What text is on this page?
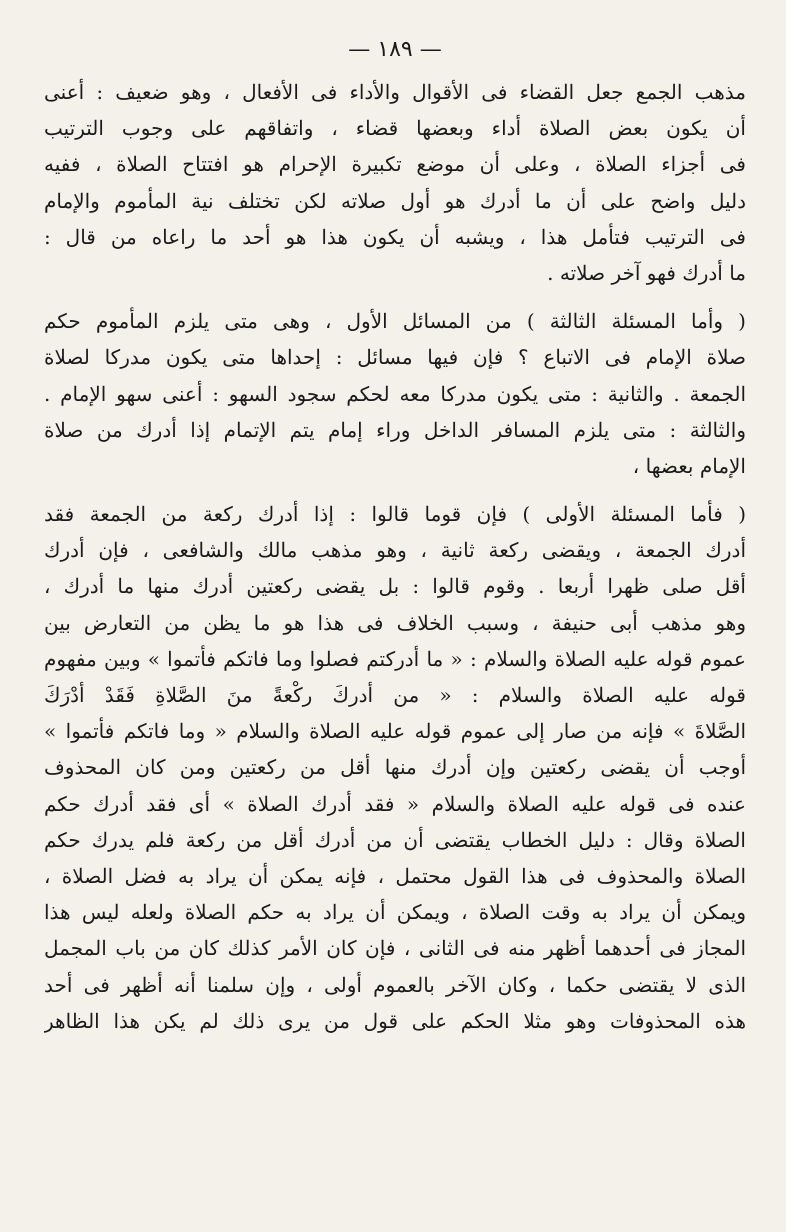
— ١٨٩ —
مذهب الجمع جعل القضاء فى الأقوال والأداء فى الأفعال ، وهو ضعيف : أعنى
أن يكون بعض الصلاة أداء وبعضها قضاء ، واتفاقهم على وجوب الترتيب
فى أجزاء الصلاة ، وعلى أن موضع تكبيرة الإحرام هو افتتاح الصلاة ، ففيه
دليل واضح على أن ما أدرك هو أول صلاته لكن تختلف نية المأموم والإمام
فى الترتيب فتأمل هذا ، ويشبه أن يكون هذا هو أحد ما راعاه من قال :
ما أدرك فهو آخر صلاته .
( وأما المسئلة الثالثة ) من المسائل الأول ، وهى متى يلزم المأموم حكم
صلاة الإمام فى الاتباع ؟ فإن فيها مسائل : إحداها متى يكون مدركا لصلاة
الجمعة . والثانية : متى يكون مدركا معه لحكم سجود السهو : أعنى سهو الإمام .
والثالثة : متى يلزم المسافر الداخل وراء إمام يتم الإتمام إذا أدرك من صلاة
الإمام بعضها ،
( فأما المسئلة الأولى ) فإن قوما قالوا : إذا أدرك ركعة من الجمعة فقد
أدرك الجمعة ، ويقضى ركعة ثانية ، وهو مذهب مالك والشافعى ، فإن أدرك
أقل صلى ظهرا أربعا . وقوم قالوا : بل يقضى ركعتين أدرك منها ما أدرك ،
وهو مذهب أبى حنيفة ، وسبب الخلاف فى هذا هو ما يظن من التعارض بين
عموم قوله عليه الصلاة والسلام : « ما أدركتم فصلوا وما فاتكم فأتموا » وبين مفهوم
قوله عليه الصلاة والسلام : « من أدركَ ركْعةً منَ الصَّلاةِ فَقَدْ أدْرَكَ
الصَّلاةَ » فإنه من صار إلى عموم قوله عليه الصلاة والسلام « وما فاتكم فأتموا »
أوجب أن يقضى ركعتين وإن أدرك منها أقل من ركعتين ومن كان المحذوف
عنده فى قوله عليه الصلاة والسلام « فقد أدرك الصلاة » أى فقد أدرك حكم
الصلاة وقال : دليل الخطاب يقتضى أن من أدرك أقل من ركعة فلم يدرك حكم
الصلاة والمحذوف فى هذا القول محتمل ، فإنه يمكن أن يراد به فضل الصلاة ،
ويمكن أن يراد به وقت الصلاة ، ويمكن أن يراد به حكم الصلاة ولعله ليس هذا
المجاز فى أحدهما أظهر منه فى الثانى ، فإن كان الأمر كذلك كان من باب المجمل
الذى لا يقتضى حكما ، وكان الآخر بالعموم أولى ، وإن سلمنا أنه أظهر فى أحد
هذه المحذوفات وهو مثلا الحكم على قول من يرى ذلك لم يكن هذا الظاهر
